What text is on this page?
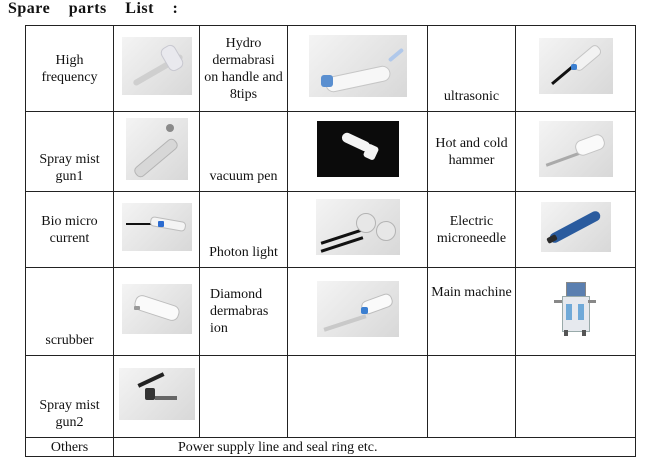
Spare parts List :
High frequency		Hydro dermabrasi on handle and 8tips		ultrasonic	

Spray mist gun1		vacuum pen		Hot and cold hammer	

Bio micro current		Photon light		Electric microneedle	

scrubber		Diamond dermabras ion		Main machine	

Spray mist gun2	

Others	Power supply line and seal ring etc.				
